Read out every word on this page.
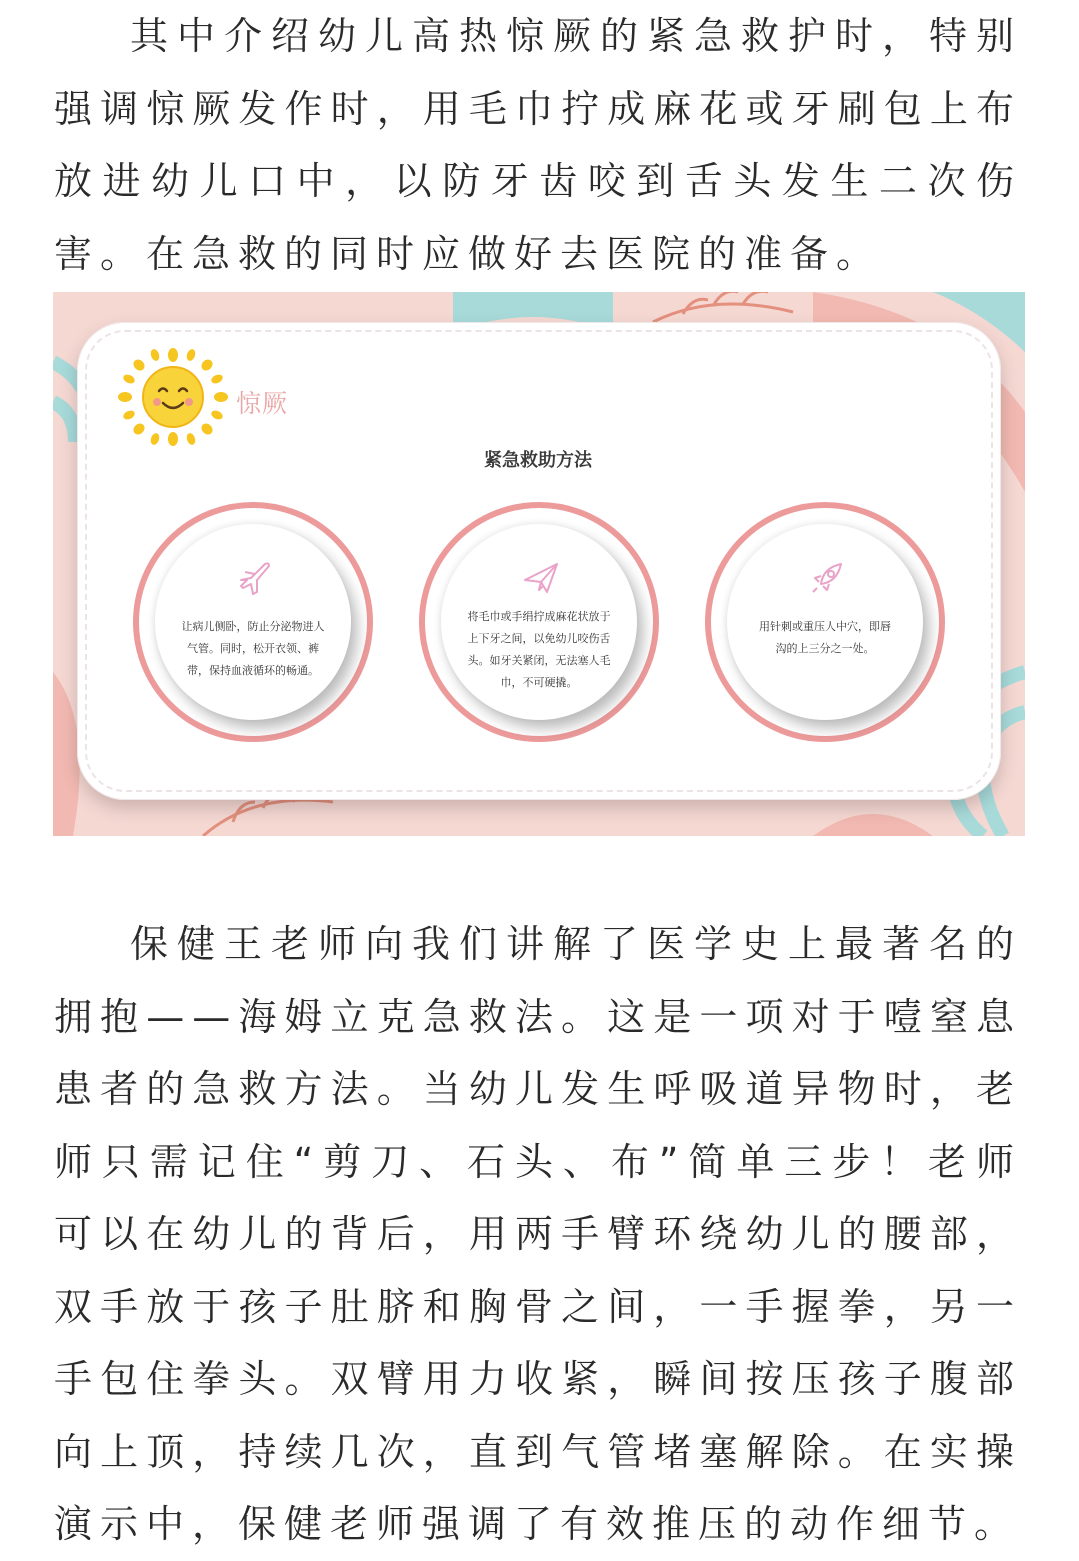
其中介绍幼儿高热惊厥的紧急救护时，特别强调惊厥发作时，用毛巾拧成麻花或牙刷包上布放进幼儿口中，以防牙齿咬到舌头发生二次伤害。在急救的同时应做好去医院的准备。

惊厥
紧急救助方法
让病儿侧卧，防止分泌物进人气管。同时，松开衣领、裤带，保持血液循环的畅通。
将毛巾或手绢拧成麻花状放于上下牙之间，以免幼儿咬伤舌头。如牙关紧闭，无法塞人毛巾，不可硬撬。
用针刺或重压人中穴，即唇沟的上三分之一处。

保健王老师向我们讲解了医学史上最著名的拥抱——海姆立克急救法。这是一项对于噎窒息患者的急救方法。当幼儿发生呼吸道异物时，老师只需记住“剪刀、石头、布”简单三步！老师可以在幼儿的背后，用两手臂环绕幼儿的腰部，双手放于孩子肚脐和胸骨之间，一手握拳，另一手包住拳头。双臂用力收紧，瞬间按压孩子腹部向上顶，持续几次，直到气管堵塞解除。在实操演示中，保健老师强调了有效推压的动作细节。
